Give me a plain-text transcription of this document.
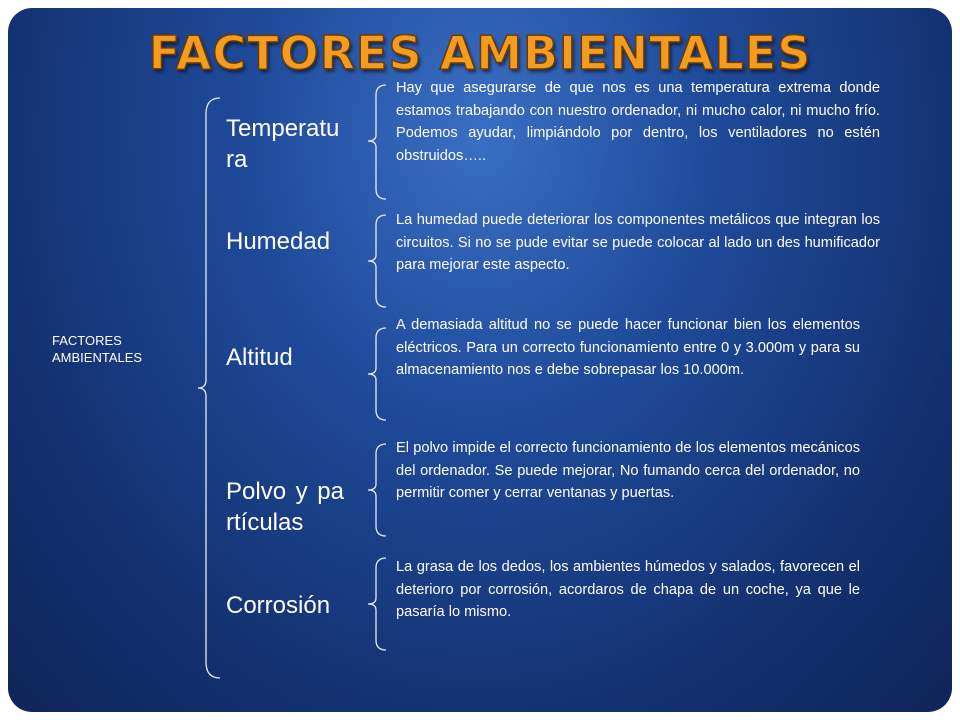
FACTORES AMBIENTALES
FACTORES AMBIENTALES
Temperatura
Hay que asegurarse de que nos es una temperatura extrema donde estamos trabajando con nuestro ordenador, ni mucho calor, ni mucho frío. Podemos ayudar, limpiándolo por dentro, los ventiladores no estén obstruidos…..
Humedad
La humedad puede deteriorar los componentes metálicos que integran los circuitos. Si no se pude evitar se puede colocar al lado un des humificador para mejorar este aspecto.
Altitud
A demasiada altitud no se puede hacer funcionar bien los elementos eléctricos. Para un correcto funcionamiento entre 0 y 3.000m y para su almacenamiento nos e debe sobrepasar los 10.000m.
Polvo y partículas
El polvo impide el correcto funcionamiento de los elementos mecánicos del ordenador. Se puede mejorar, No fumando cerca del ordenador, no permitir comer y cerrar ventanas y puertas.
Corrosión
La grasa de los dedos, los ambientes húmedos y salados, favorecen el deterioro por corrosión, acordaros de chapa de un coche, ya que le pasaría lo mismo.
